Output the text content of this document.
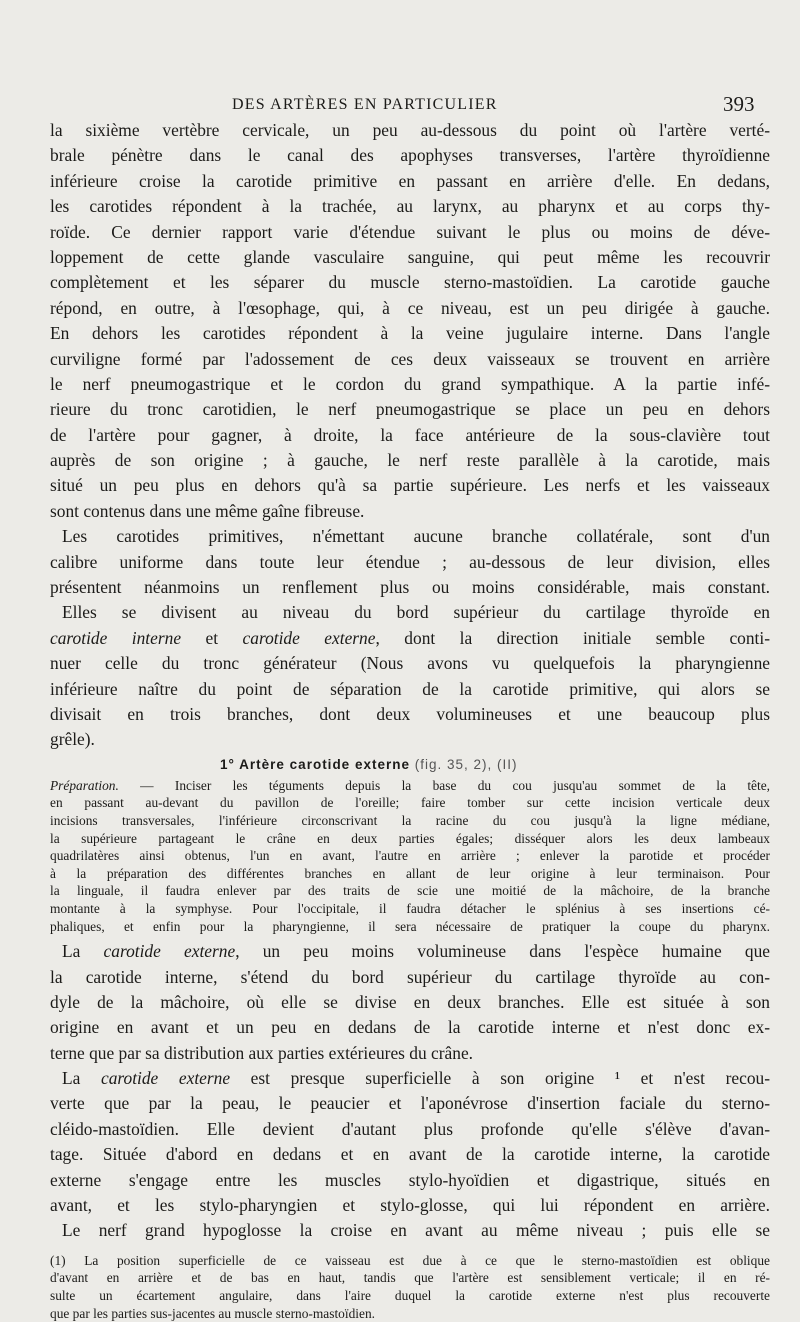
DES ARTÈRES EN PARTICULIER	393
la sixième vertèbre cervicale, un peu au-dessous du point où l'artère verté-
brale pénètre dans le canal des apophyses transverses, l'artère thyroïdienne
inférieure croise la carotide primitive en passant en arrière d'elle. En dedans,
les carotides répondent à la trachée, au larynx, au pharynx et au corps thy-
roïde. Ce dernier rapport varie d'étendue suivant le plus ou moins de déve-
loppement de cette glande vasculaire sanguine, qui peut même les recouvrir
complètement et les séparer du muscle sterno-mastoïdien. La carotide gauche
répond, en outre, à l'œsophage, qui, à ce niveau, est un peu dirigée à gauche.
En dehors les carotides répondent à la veine jugulaire interne. Dans l'angle
curviligne formé par l'adossement de ces deux vaisseaux se trouvent en arrière
le nerf pneumogastrique et le cordon du grand sympathique. A la partie infé-
rieure du tronc carotidien, le nerf pneumogastrique se place un peu en dehors
de l'artère pour gagner, à droite, la face antérieure de la sous-clavière tout
auprès de son origine ; à gauche, le nerf reste parallèle à la carotide, mais
situé un peu plus en dehors qu'à sa partie supérieure. Les nerfs et les vaisseaux
sont contenus dans une même gaîne fibreuse.
Les carotides primitives, n'émettant aucune branche collatérale, sont d'un
calibre uniforme dans toute leur étendue ; au-dessous de leur division, elles
présentent néanmoins un renflement plus ou moins considérable, mais constant.
Elles se divisent au niveau du bord supérieur du cartilage thyroïde en
carotide interne et carotide externe, dont la direction initiale semble conti-
nuer celle du tronc générateur (Nous avons vu quelquefois la pharyngienne
inférieure naître du point de séparation de la carotide primitive, qui alors se
divisait en trois branches, dont deux volumineuses et une beaucoup plus
grêle).
1° Artère carotide externe (fig. 35, 2), (II)
Préparation. — Inciser les téguments depuis la base du cou jusqu'au sommet de la tête,
en passant au-devant du pavillon de l'oreille; faire tomber sur cette incision verticale deux
incisions transversales, l'inférieure circonscrivant la racine du cou jusqu'à la ligne médiane,
la supérieure partageant le crâne en deux parties égales; disséquer alors les deux lambeaux
quadrilatères ainsi obtenus, l'un en avant, l'autre en arrière ; enlever la parotide et procéder
à la préparation des différentes branches en allant de leur origine à leur terminaison. Pour
la linguale, il faudra enlever par des traits de scie une moitié de la mâchoire, de la branche
montante à la symphyse. Pour l'occipitale, il faudra détacher le splénius à ses insertions cé-
phaliques, et enfin pour la pharyngienne, il sera nécessaire de pratiquer la coupe du pharynx.
La carotide externe, un peu moins volumineuse dans l'espèce humaine que
la carotide interne, s'étend du bord supérieur du cartilage thyroïde au con-
dyle de la mâchoire, où elle se divise en deux branches. Elle est située à son
origine en avant et un peu en dedans de la carotide interne et n'est donc ex-
terne que par sa distribution aux parties extérieures du crâne.
La carotide externe est presque superficielle à son origine ¹ et n'est recou-
verte que par la peau, le peaucier et l'aponévrose d'insertion faciale du sterno-
cléido-mastoïdien. Elle devient d'autant plus profonde qu'elle s'élève d'avan-
tage. Située d'abord en dedans et en avant de la carotide interne, la carotide
externe s'engage entre les muscles stylo-hyoïdien et digastrique, situés en
avant, et les stylo-pharyngien et stylo-glosse, qui lui répondent en arrière.
Le nerf grand hypoglosse la croise en avant au même niveau ; puis elle se
(1) La position superficielle de ce vaisseau est due à ce que le sterno-mastoïdien est oblique
d'avant en arrière et de bas en haut, tandis que l'artère est sensiblement verticale; il en ré-
sulte un écartement angulaire, dans l'aire duquel la carotide externe n'est plus recouverte
que par les parties sus-jacentes au muscle sterno-mastoïdien.
